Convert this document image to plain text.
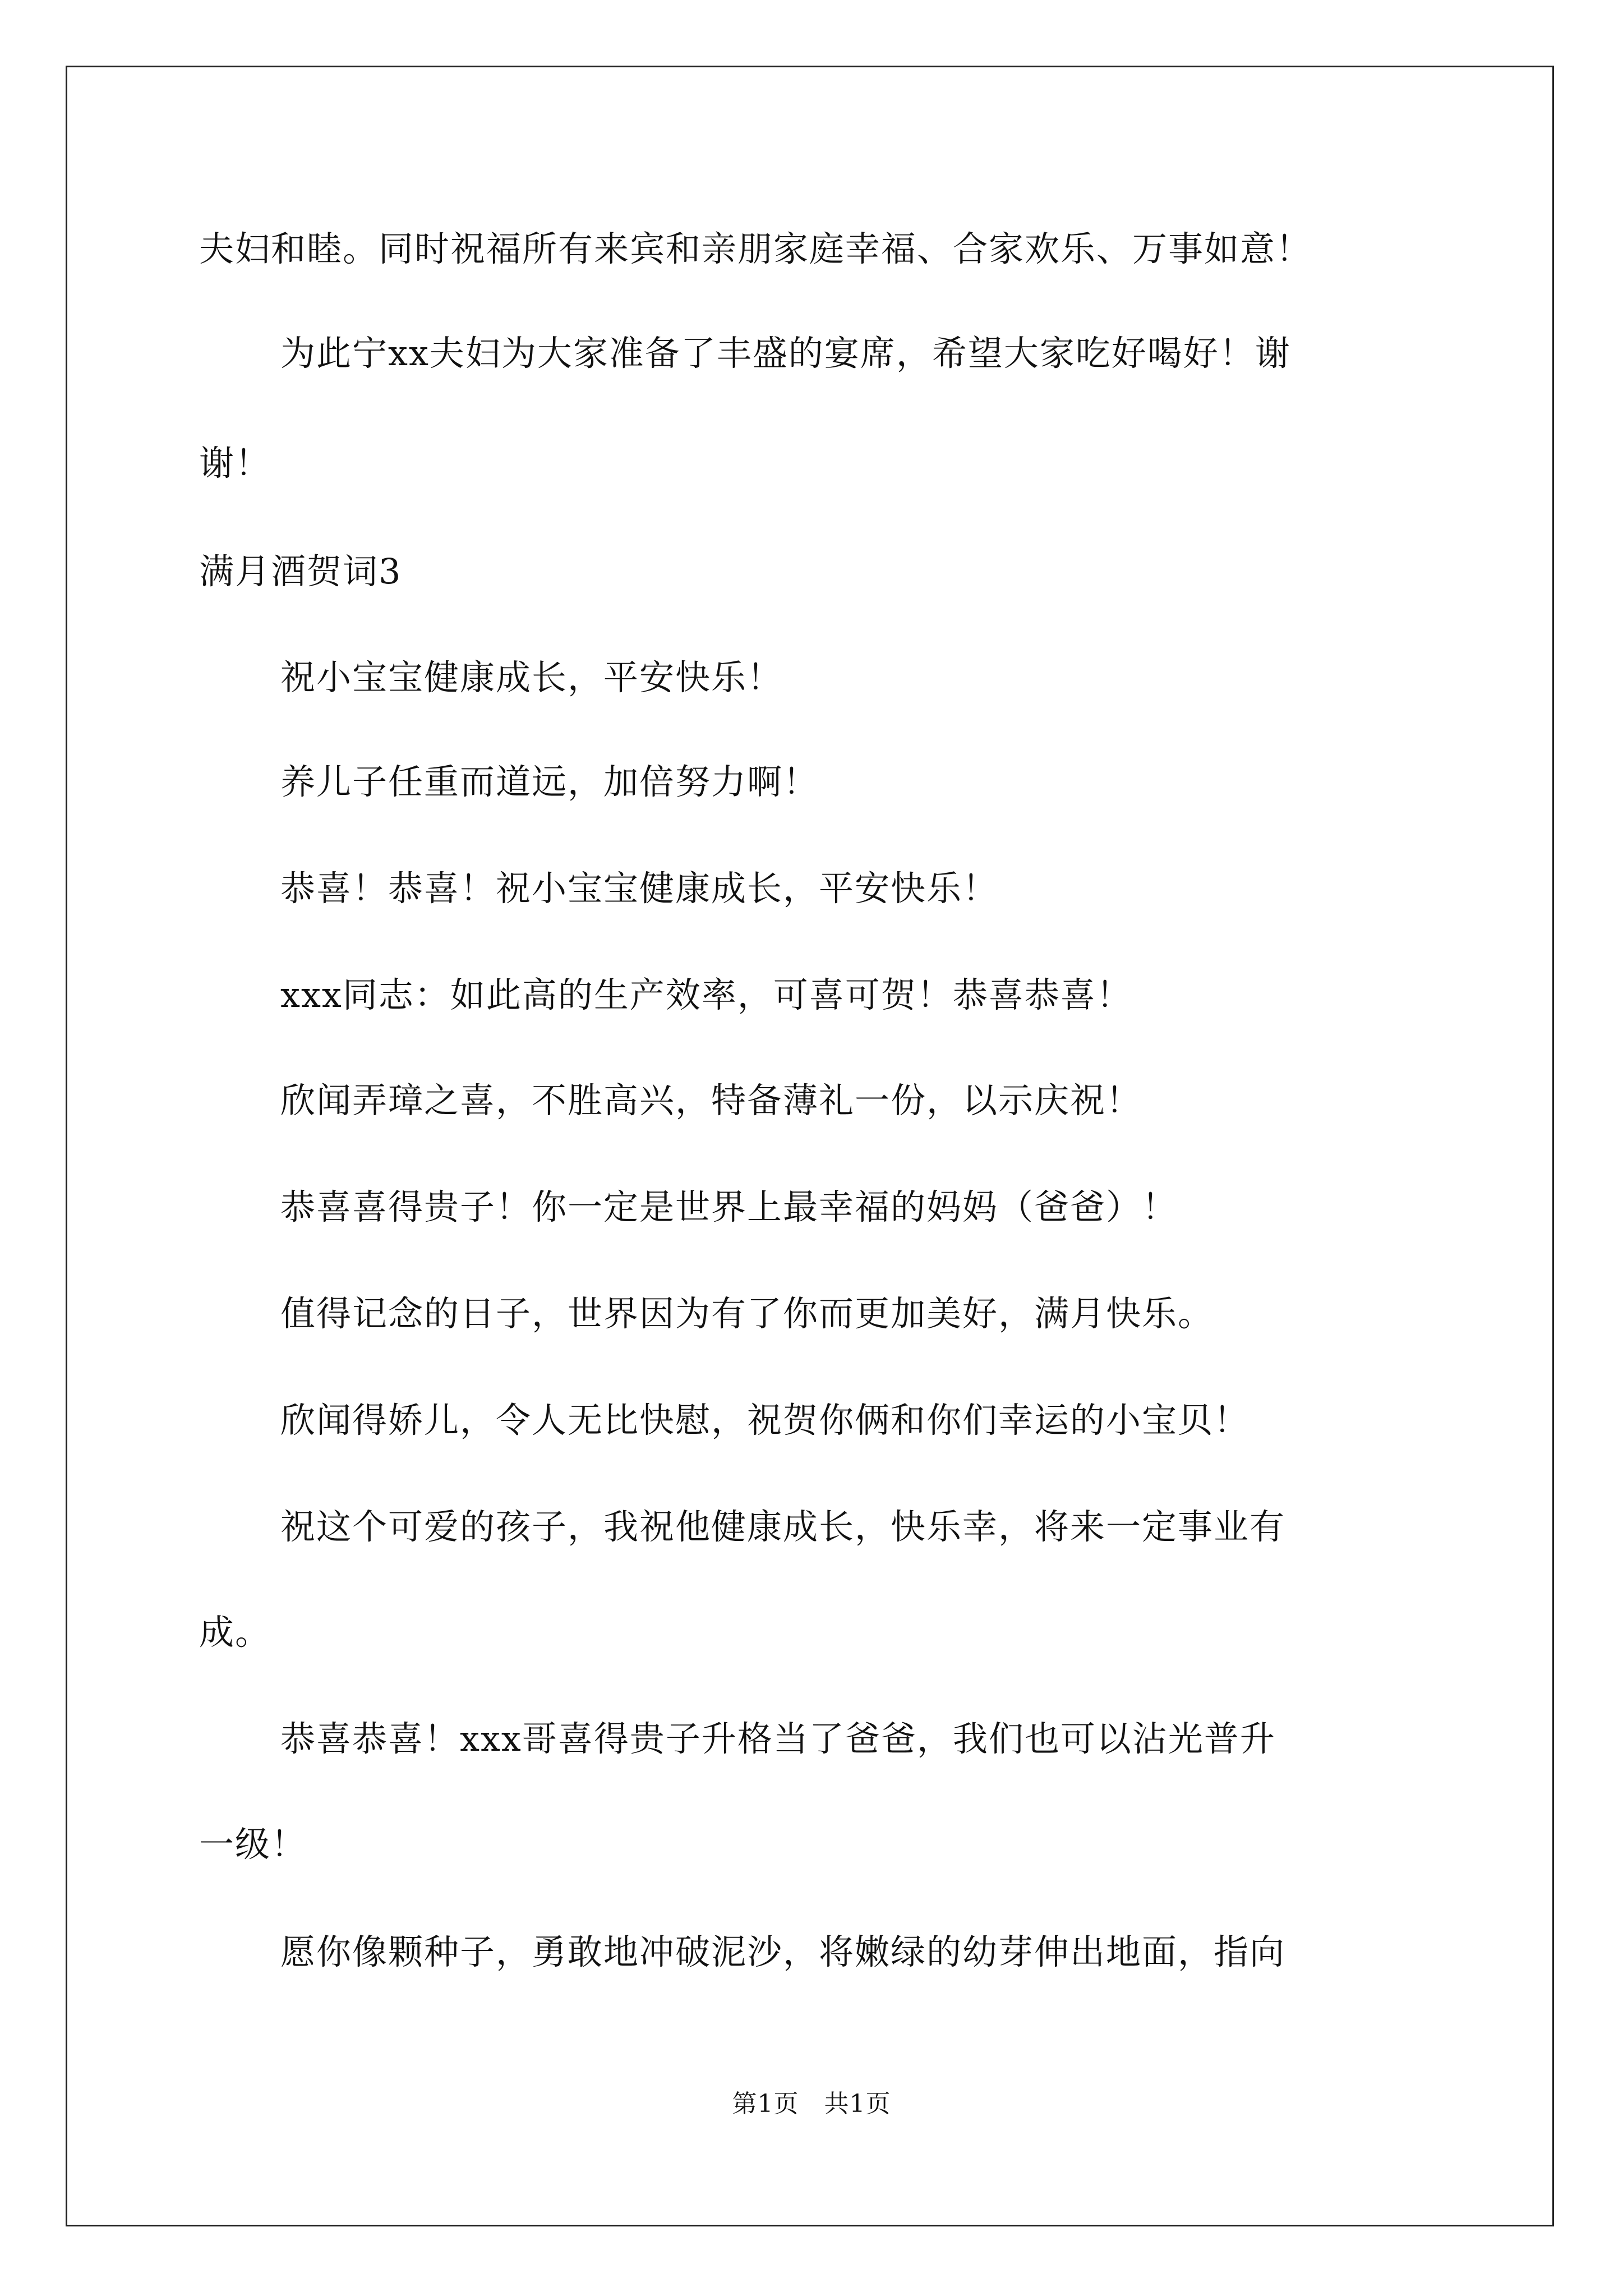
夫妇和睦。同时祝福所有来宾和亲朋家庭幸福、合家欢乐、万事如意！
为此宁xx夫妇为大家准备了丰盛的宴席，希望大家吃好喝好！谢
谢！
满月酒贺词3
祝小宝宝健康成长，平安快乐！
养儿子任重而道远，加倍努力啊！
恭喜！恭喜！祝小宝宝健康成长，平安快乐！
xxx同志：如此高的生产效率，可喜可贺！恭喜恭喜！
欣闻弄璋之喜，不胜高兴，特备薄礼一份，以示庆祝！
恭喜喜得贵子！你一定是世界上最幸福的妈妈（爸爸）！
值得记念的日子，世界因为有了你而更加美好，满月快乐。
欣闻得娇儿，令人无比快慰，祝贺你俩和你们幸运的小宝贝！
祝这个可爱的孩子，我祝他健康成长，快乐幸，将来一定事业有
成。
恭喜恭喜！xxx哥喜得贵子升格当了爸爸，我们也可以沾光普升
一级！
愿你像颗种子，勇敢地冲破泥沙，将嫩绿的幼芽伸出地面，指向
第1页　共1页
